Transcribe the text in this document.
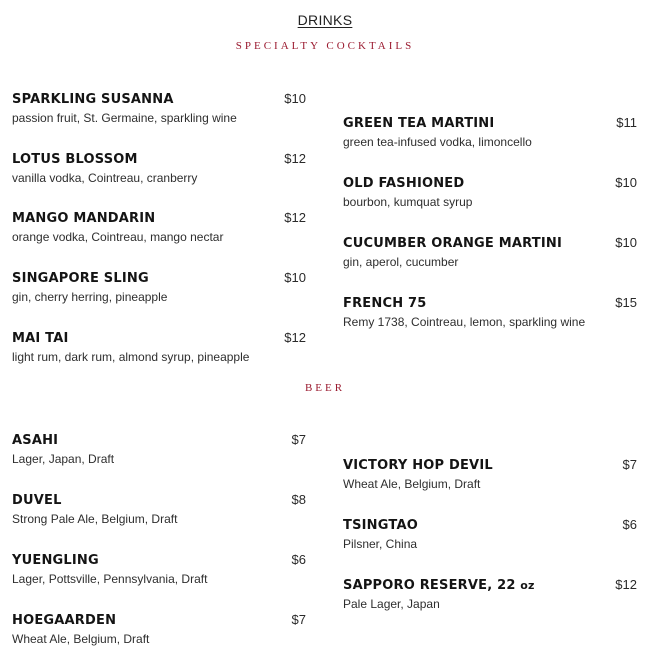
DRINKS
SPECIALTY COCKTAILS
SPARKLING SUSANNA	$10
passion fruit, St. Germaine, sparkling wine
LOTUS BLOSSOM	$12
vanilla vodka, Cointreau, cranberry
MANGO MANDARIN	$12
orange vodka, Cointreau, mango nectar
SINGAPORE SLING	$10
gin, cherry herring, pineapple
MAI TAI	$12
light rum, dark rum, almond syrup, pineapple
GREEN TEA MARTINI	$11
green tea-infused vodka, limoncello
OLD FASHIONED	$10
bourbon, kumquat syrup
CUCUMBER ORANGE MARTINI	$10
gin, aperol, cucumber
FRENCH 75	$15
Remy 1738, Cointreau, lemon, sparkling wine
BEER
ASAHI	$7
Lager, Japan, Draft
DUVEL	$8
Strong Pale Ale, Belgium, Draft
YUENGLING	$6
Lager, Pottsville, Pennsylvania, Draft
HOEGAARDEN	$7
Wheat Ale, Belgium, Draft
VICTORY HOP DEVIL	$7
Wheat Ale, Belgium, Draft
TSINGTAO	$6
Pilsner, China
SAPPORO RESERVE, 22 oz	$12
Pale Lager, Japan
